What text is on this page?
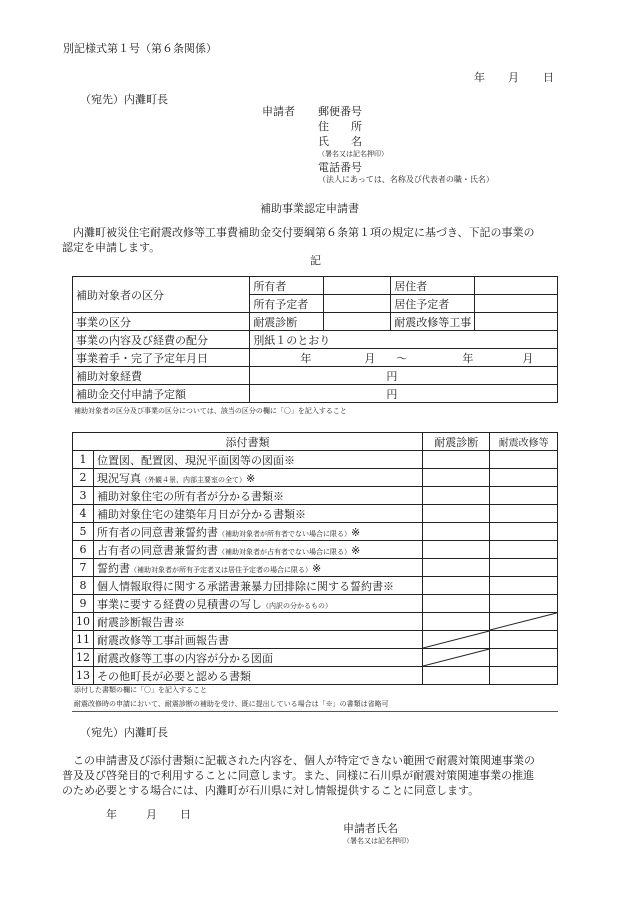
別記様式第１号（第６条関係）
年 月 日
（宛先）内灘町長
申請者 郵便番号
住　　所
氏　　名
（署名又は記名押印）
電話番号
（法人にあっては、名称及び代表者の職・氏名）
補助事業認定申請書
内灘町被災住宅耐震改修等工事費補助金交付要綱第６条第１項の規定に基づき、下記の事業の
認定を申請します。
記
補助対象者の区分	所有者		居住者	
	所有予定者		居住予定者	
事業の区分	耐震診断		耐震改修等工事	
事業の内容及び経費の配分	別紙１のとおり			
事業着手・完了予定年月日	年 月 ～ 年 月			

補助対象経費	円			

補助金交付申請予定額	円			
補助対象者の区分及び事業の区分については、該当の区分の欄に「〇」を記入すること
添付書類		耐震診断	耐震改修等
1	位置図、配置図、現況平面図等の図面※		
2	現況写真（外観４景、内部主要室の全て）※		
3	補助対象住宅の所有者が分かる書類※		
4	補助対象住宅の建築年月日が分かる書類※		
5	所有者の同意書兼誓約書（補助対象者が所有者でない場合に限る）※		
6	占有者の同意書兼誓約書（補助対象者が占有者でない場合に限る）※		
7	誓約書（補助対象者が所有予定者又は居住予定者の場合に限る）※		
8	個人情報取得に関する承諾書兼暴力団排除に関する誓約書※		
9	事業に要する経費の見積書の写し（内訳の分かるもの）		
10	耐震診断報告書※		

11	耐震改修等工事計画報告書	

12	耐震改修等工事の内容が分かる図面	

13	その他町長が必要と認める書類		
添付した書類の欄に「〇」を記入すること
耐震改修時の申請において、耐震診断の補助を受け、既に提出している場合は「※」の書類は省略可
（宛先）内灘町長
この申請書及び添付書類に記載された内容を、個人が特定できない範囲で耐震対策関連事業の
普及及び啓発目的で利用することに同意します。また、同様に石川県が耐震対策関連事業の推進
のため必要とする場合には、内灘町が石川県に対し情報提供することに同意します。
年	月 日
申請者氏名
（署名又は記名押印）
